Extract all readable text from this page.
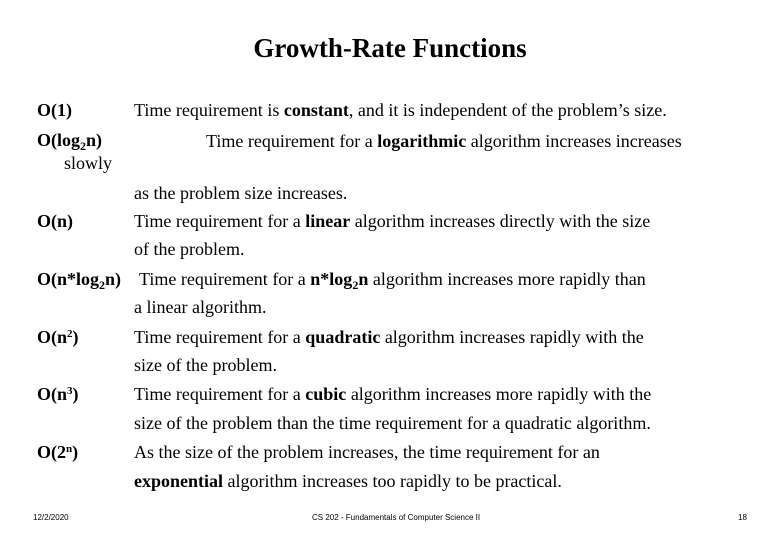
Growth-Rate Functions
O(1)	Time requirement is constant, and it is independent of the problem’s size.
$O(\log_2n)$	Time requirement for a logarithmic algorithm increases increases
slowly
as the problem size increases.
O(n)	Time requirement for a linear algorithm increases directly with the size
of the problem.
$O(n*\log_2n)$ Time requirement for a $n*\log_2n$ algorithm increases more rapidly than
a linear algorithm.
$O(n^2)$	Time requirement for a quadratic algorithm increases rapidly with the
size of the problem.
$O(n^3)$	Time requirement for a cubic algorithm increases more rapidly with the
size of the problem than the time requirement for a quadratic algorithm.
O(2$^n$)	As the size of the problem increases, the time requirement for an
exponential algorithm increases too rapidly to be practical.
12/2/2020	CS 202 - Fundamentals of Computer Science II	18
